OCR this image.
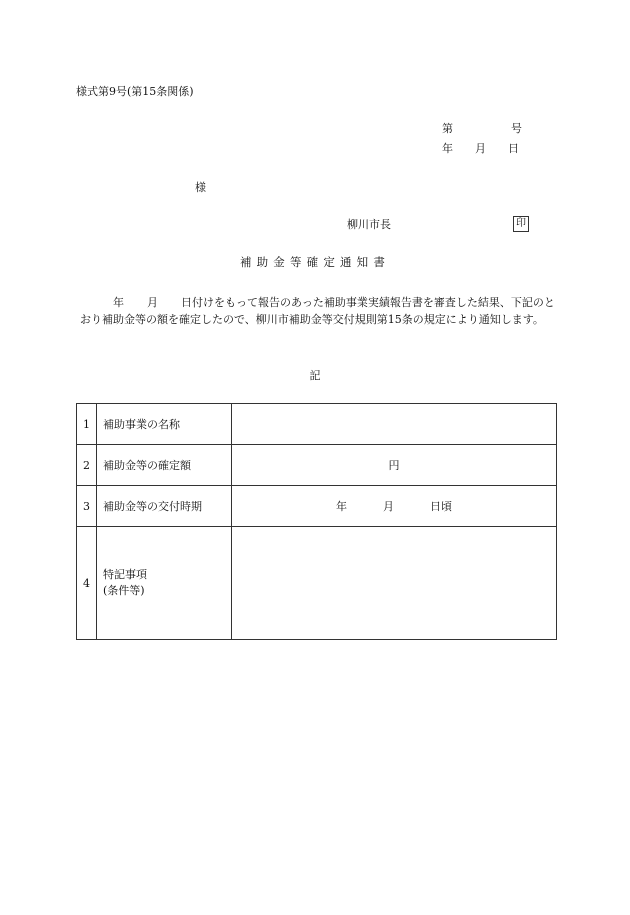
様式第9号(第15条関係)
第	号
年 月 日
様
柳川市長	印
補助金等確定通知書
年 月 日付けをもって報告のあった補助事業実績報告書を審査した結果、下記のとおり補助金等の額を確定したので、柳川市補助金等交付規則第15条の規定により通知します。
記
1	補助事業の名称	
2	補助金等の確定額	円
3	補助金等の交付時期	年 月 日頃
4	特記事項
(条件等)	
